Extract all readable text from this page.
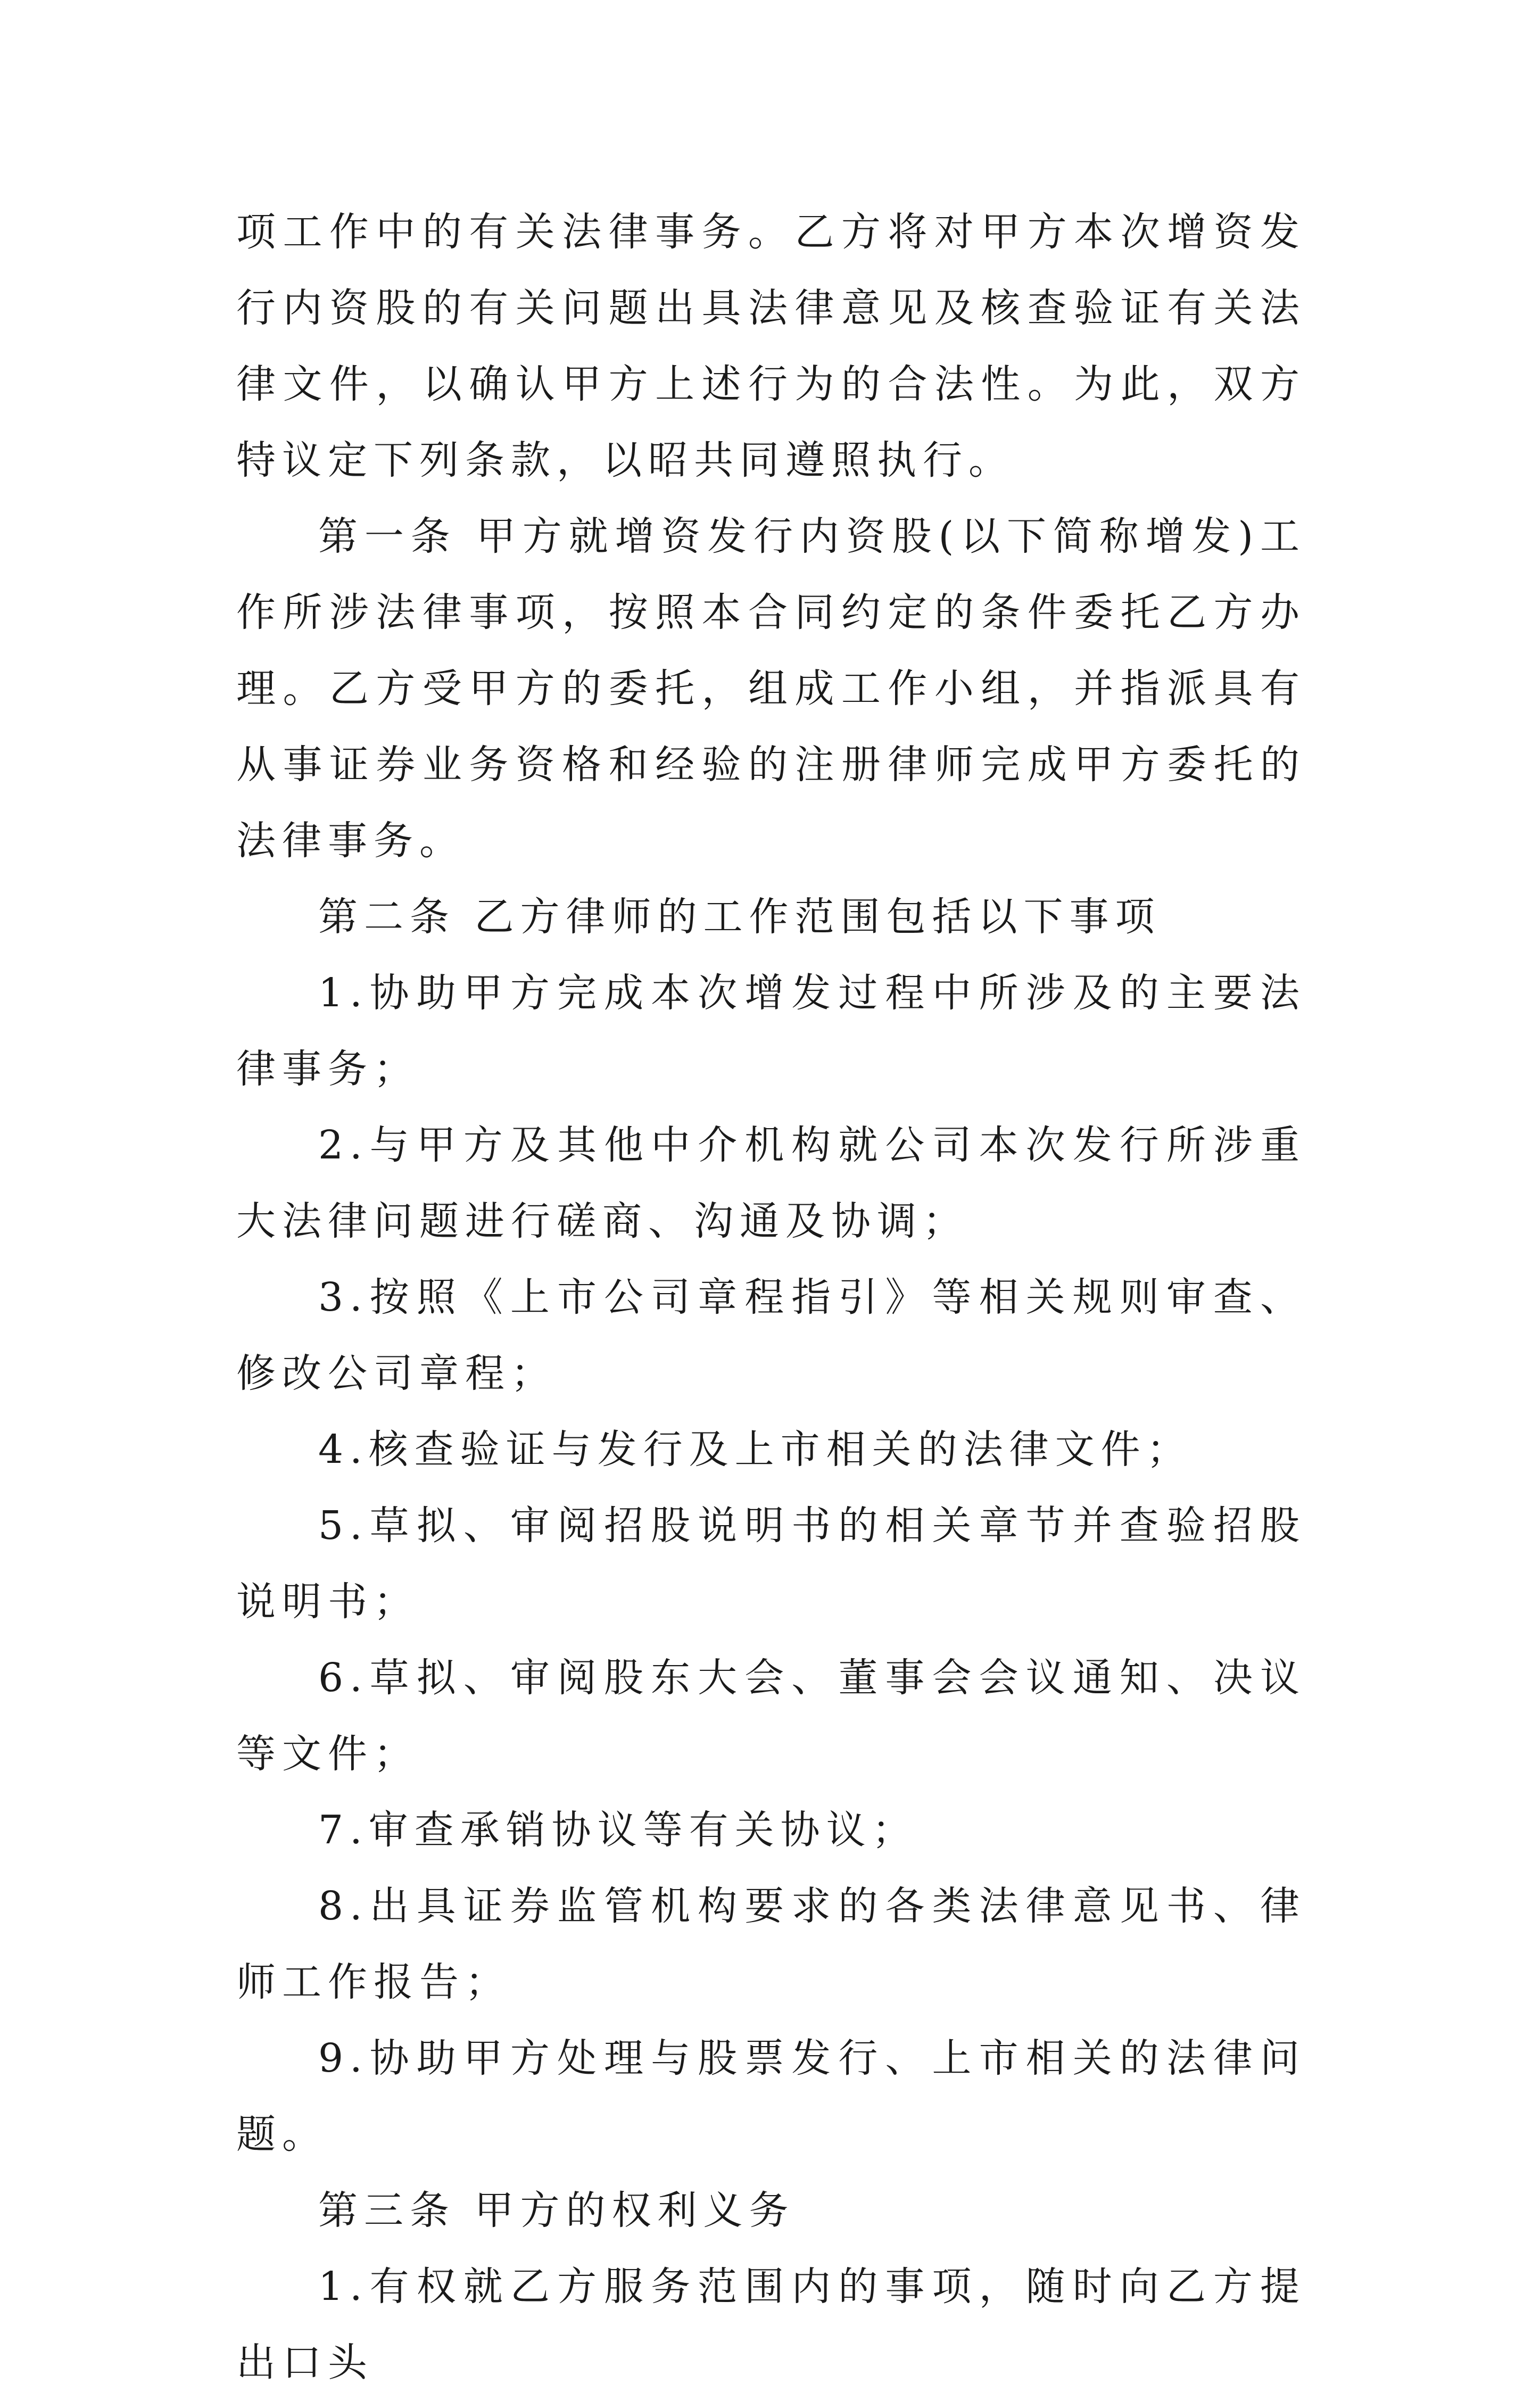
项工作中的有关法律事务。乙方将对甲方本次增资发行内资股的有关问题出具法律意见及核查验证有关法律文件，以确认甲方上述行为的合法性。为此，双方特议定下列条款，以昭共同遵照执行。

第一条 甲方就增资发行内资股(以下简称增发)工作所涉法律事项，按照本合同约定的条件委托乙方办理。乙方受甲方的委托，组成工作小组，并指派具有从事证券业务资格和经验的注册律师完成甲方委托的法律事务。

第二条 乙方律师的工作范围包括以下事项

1.协助甲方完成本次增发过程中所涉及的主要法律事务；

2.与甲方及其他中介机构就公司本次发行所涉重大法律问题进行磋商、沟通及协调；

3.按照《上市公司章程指引》等相关规则审查、修改公司章程；

4.核查验证与发行及上市相关的法律文件；

5.草拟、审阅招股说明书的相关章节并查验招股说明书；

6.草拟、审阅股东大会、董事会会议通知、决议等文件；

7.审查承销协议等有关协议；

8.出具证券监管机构要求的各类法律意见书、律师工作报告；

9.协助甲方处理与股票发行、上市相关的法律问题。

第三条 甲方的权利义务

1.有权就乙方服务范围内的事项，随时向乙方提出口头
